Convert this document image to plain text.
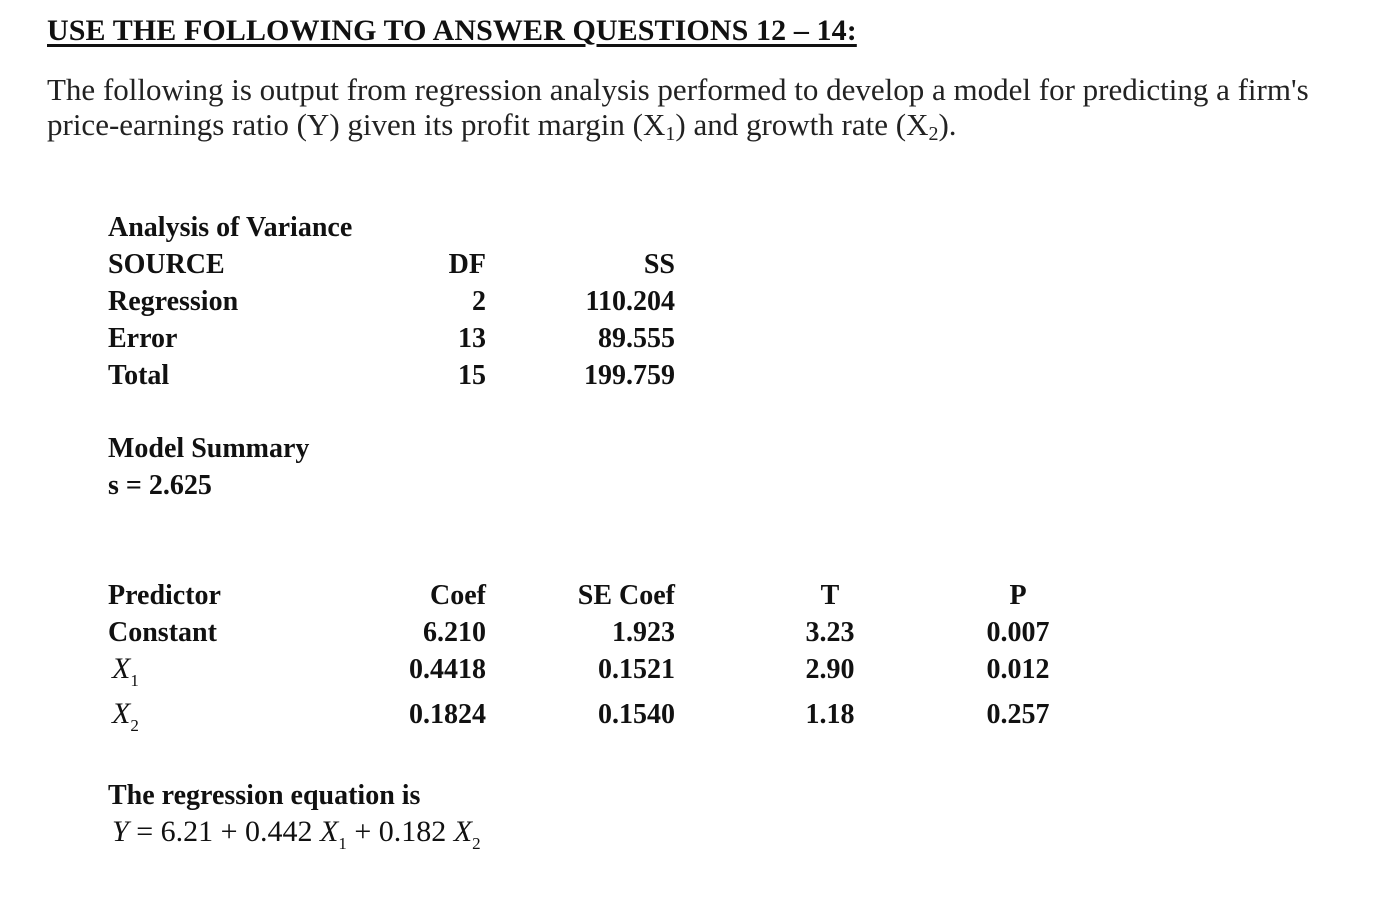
USE THE FOLLOWING TO ANSWER QUESTIONS 12 – 14:
The following is output from regression analysis performed to develop a model for predicting a firm's
price-earnings ratio (Y) given its profit margin $(X_1)$ and growth rate $(X_2)$.
Analysis of Variance
SOURCE	DF	SS
Regression	2	110.204
Error	13	89.555
Total	15	199.759
Model Summary
s = 2.625
Predictor	Coef	SE Coef	T	P
Constant	6.210	1.923	3.23	0.007
$X_1$	0.4418	0.1521	2.90	0.012
$X_2$	0.1824	0.1540	1.18	0.257
The regression equation is
Y = 6.21 + 0.442 $X_1 + 0.182$ $X_2$
